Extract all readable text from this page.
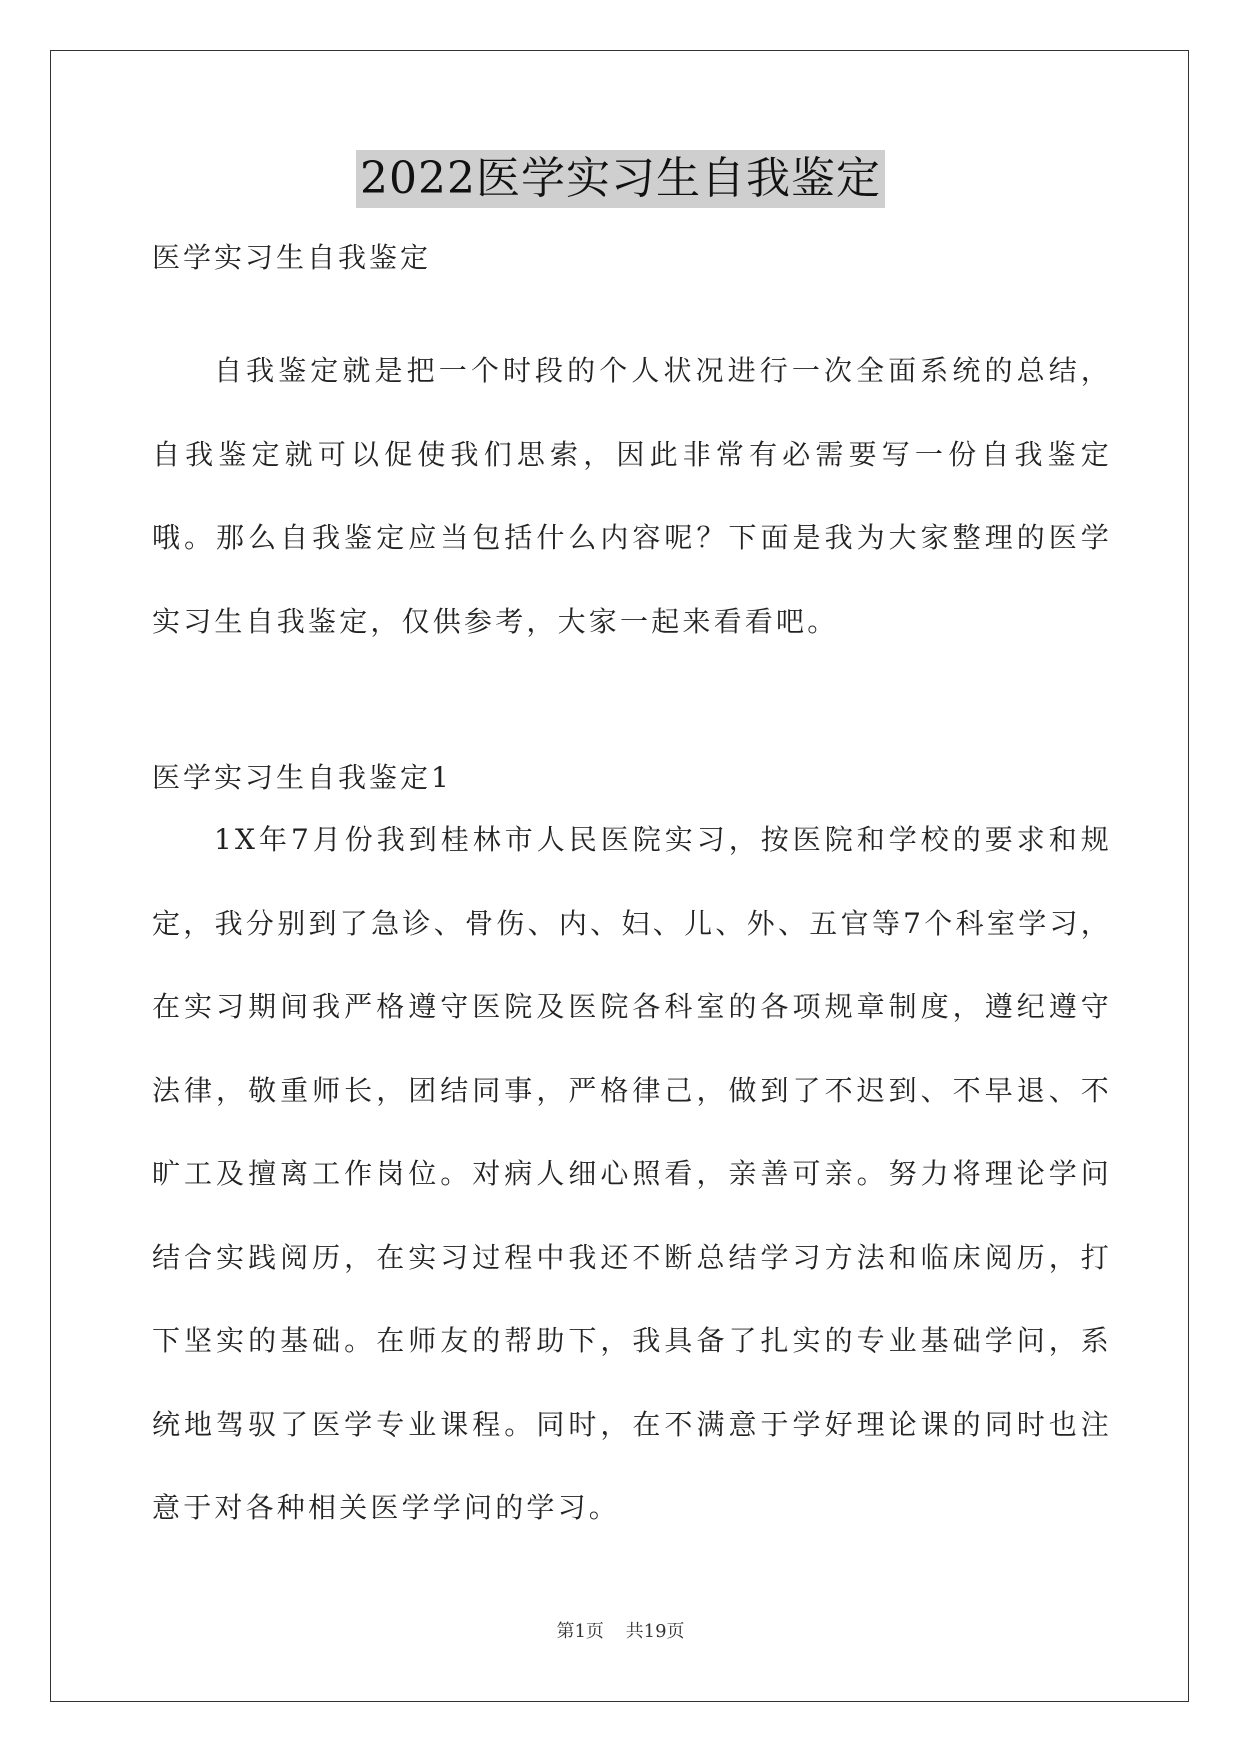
2022医学实习生自我鉴定
医学实习生自我鉴定

自我鉴定就是把一个时段的个人状况进行一次全面系统的总结，自我鉴定就可以促使我们思索，因此非常有必需要写一份自我鉴定哦。那么自我鉴定应当包括什么内容呢？下面是我为大家整理的医学实习生自我鉴定，仅供参考，大家一起来看看吧。

医学实习生自我鉴定1

1X年7月份我到桂林市人民医院实习，按医院和学校的要求和规定，我分别到了急诊、骨伤、内、妇、儿、外、五官等7个科室学习，在实习期间我严格遵守医院及医院各科室的各项规章制度，遵纪遵守法律，敬重师长，团结同事，严格律己，做到了不迟到、不早退、不旷工及擅离工作岗位。对病人细心照看，亲善可亲。努力将理论学问结合实践阅历，在实习过程中我还不断总结学习方法和临床阅历，打下坚实的基础。在师友的帮助下，我具备了扎实的专业基础学问，系统地驾驭了医学专业课程。同时，在不满意于学好理论课的同时也注意于对各种相关医学学问的学习。

第1页 共19页
